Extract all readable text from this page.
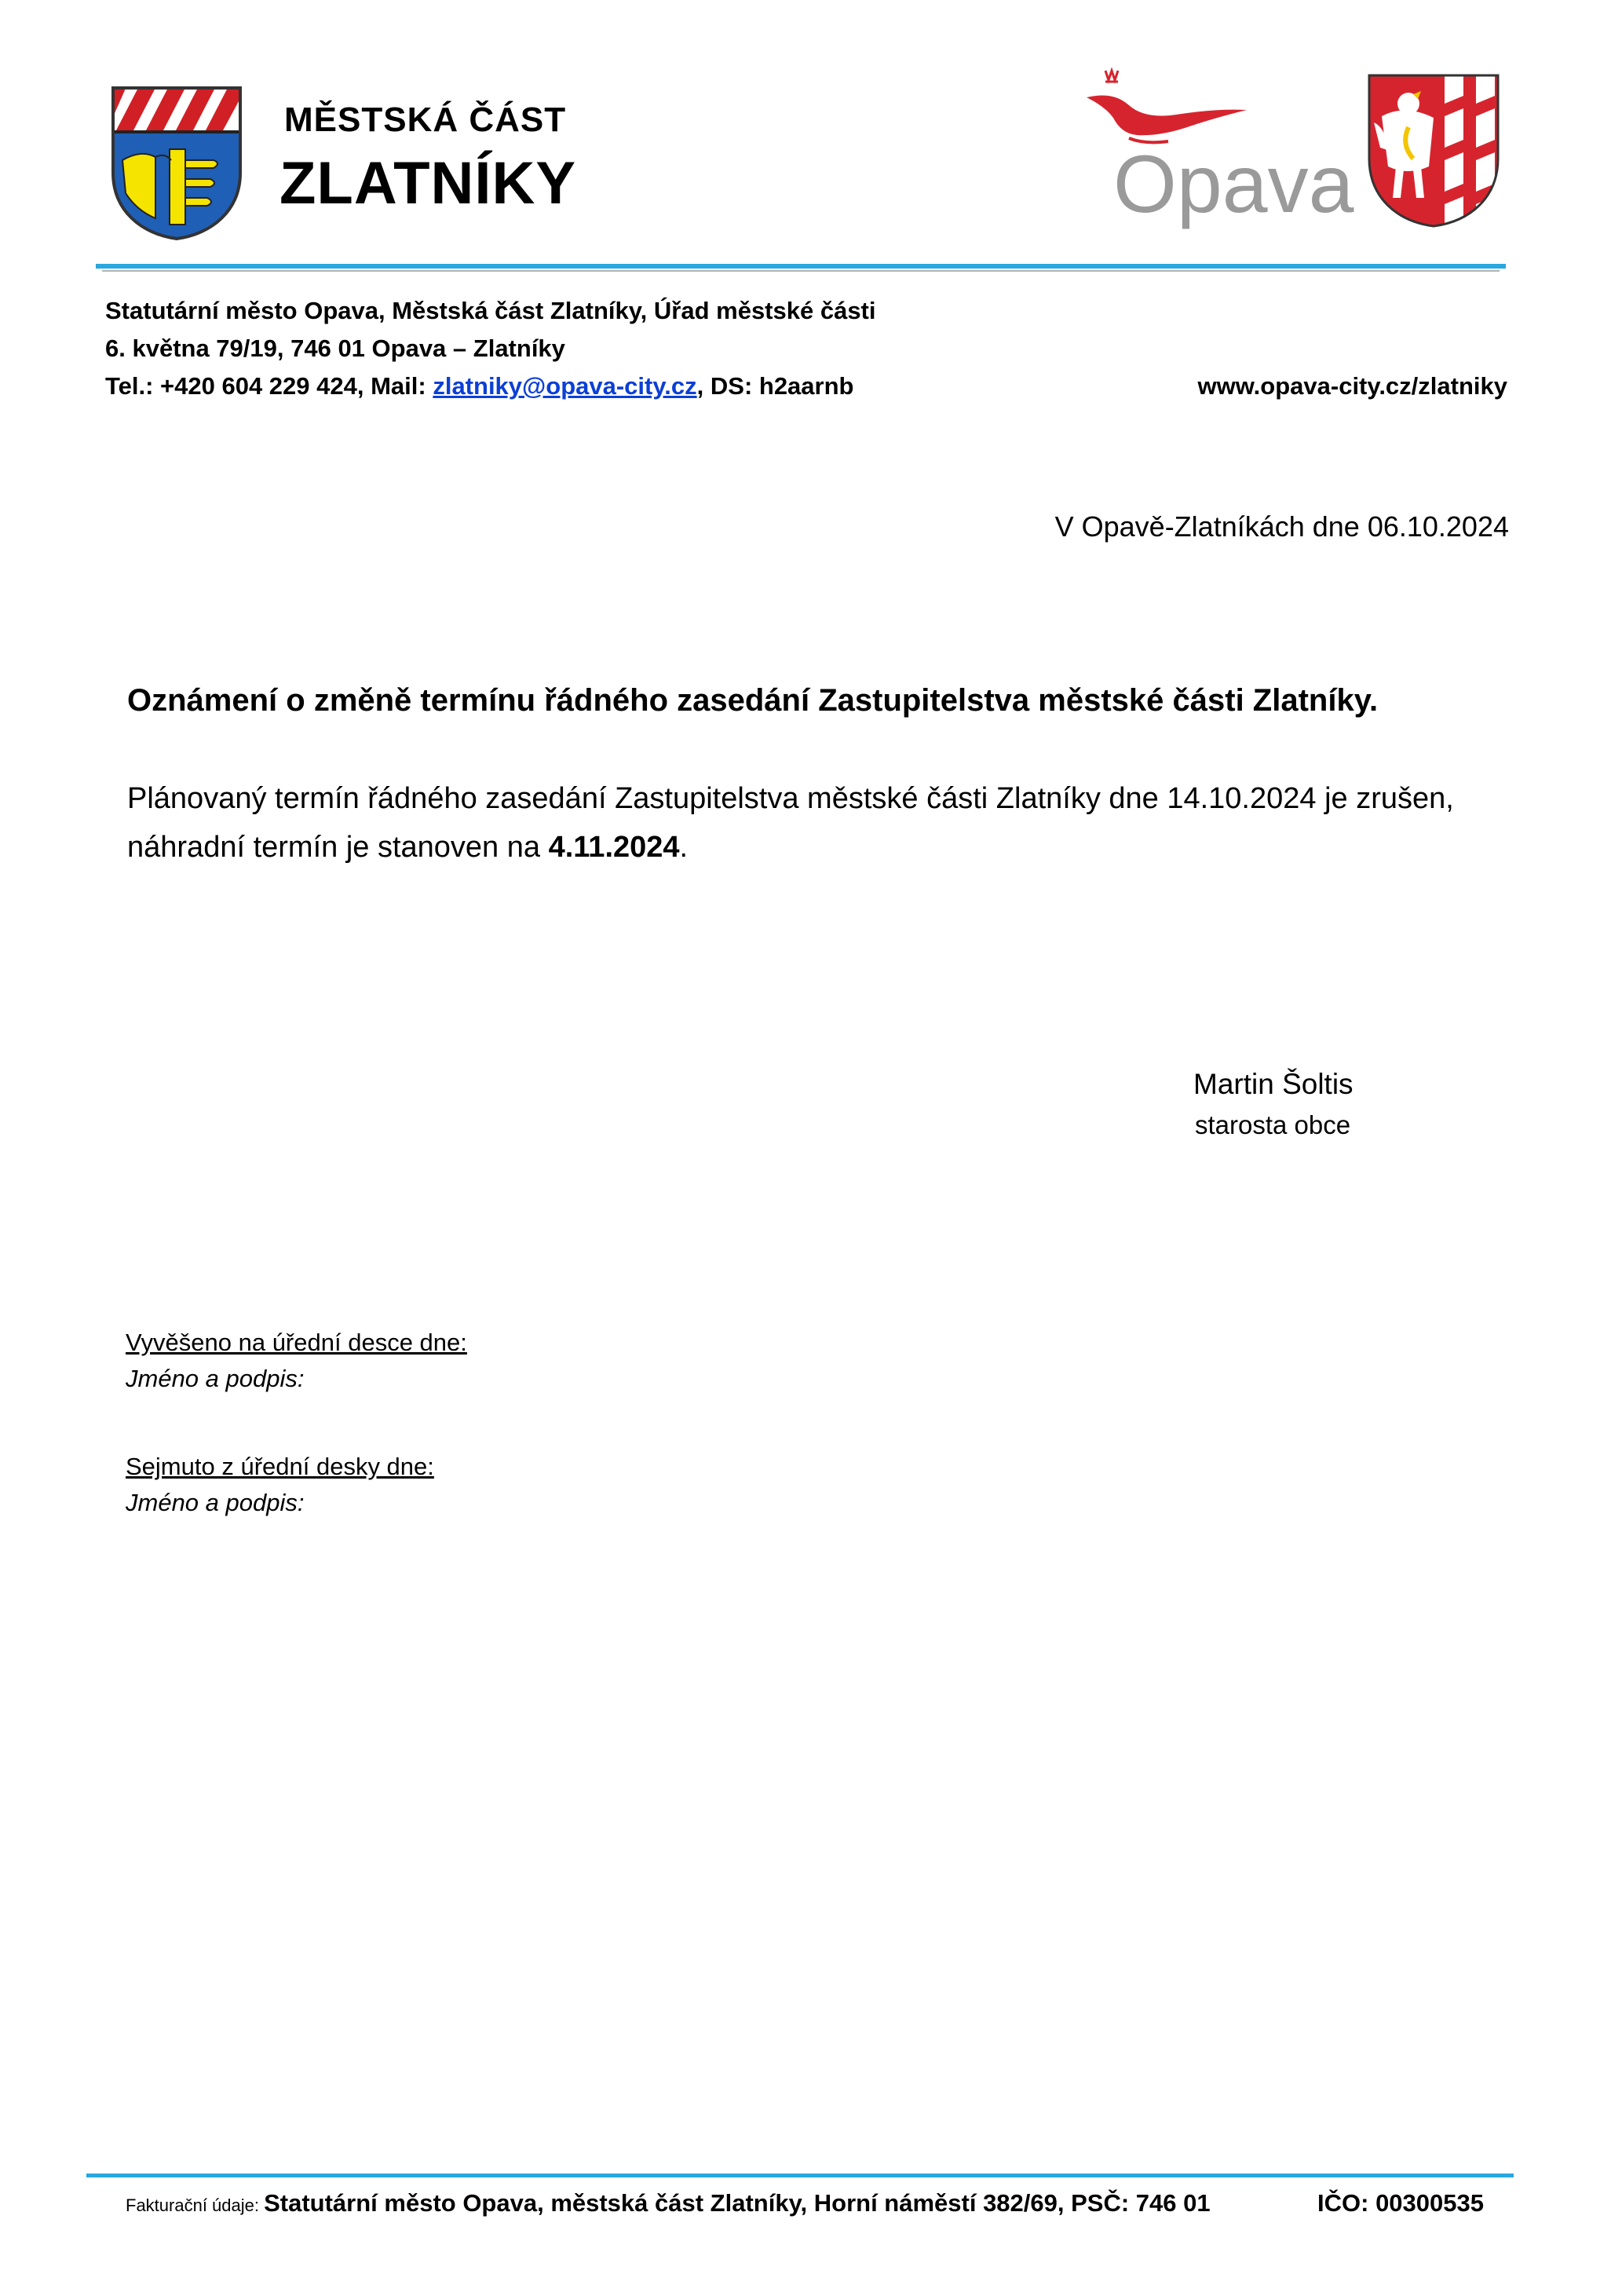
MĚSTSKÁ ČÁST
ZLATNÍKY	Opava
Statutární město Opava, Městská část Zlatníky, Úřad městské části
6. května 79/19, 746 01 Opava – Zlatníky
Tel.: +420 604 229 424, Mail: zlatniky@opava-city.cz, DS: h2aarnb	www.opava-city.cz/zlatniky
V Opavě-Zlatníkách dne 06.10.2024
Oznámení o změně termínu řádného zasedání Zastupitelstva městské části Zlatníky.
Plánovaný termín řádného zasedání Zastupitelstva městské části Zlatníky dne 14.10.2024 je zrušen, náhradní termín je stanoven na 4.11.2024.
Martin Šoltis
starosta obce
Vyvěšeno na úřední desce dne:
Jméno a podpis:
Sejmuto z úřední desky dne:
Jméno a podpis:
Fakturační údaje: Statutární město Opava, městská část Zlatníky, Horní náměstí 382/69, PSČ: 746 01	IČO: 00300535
